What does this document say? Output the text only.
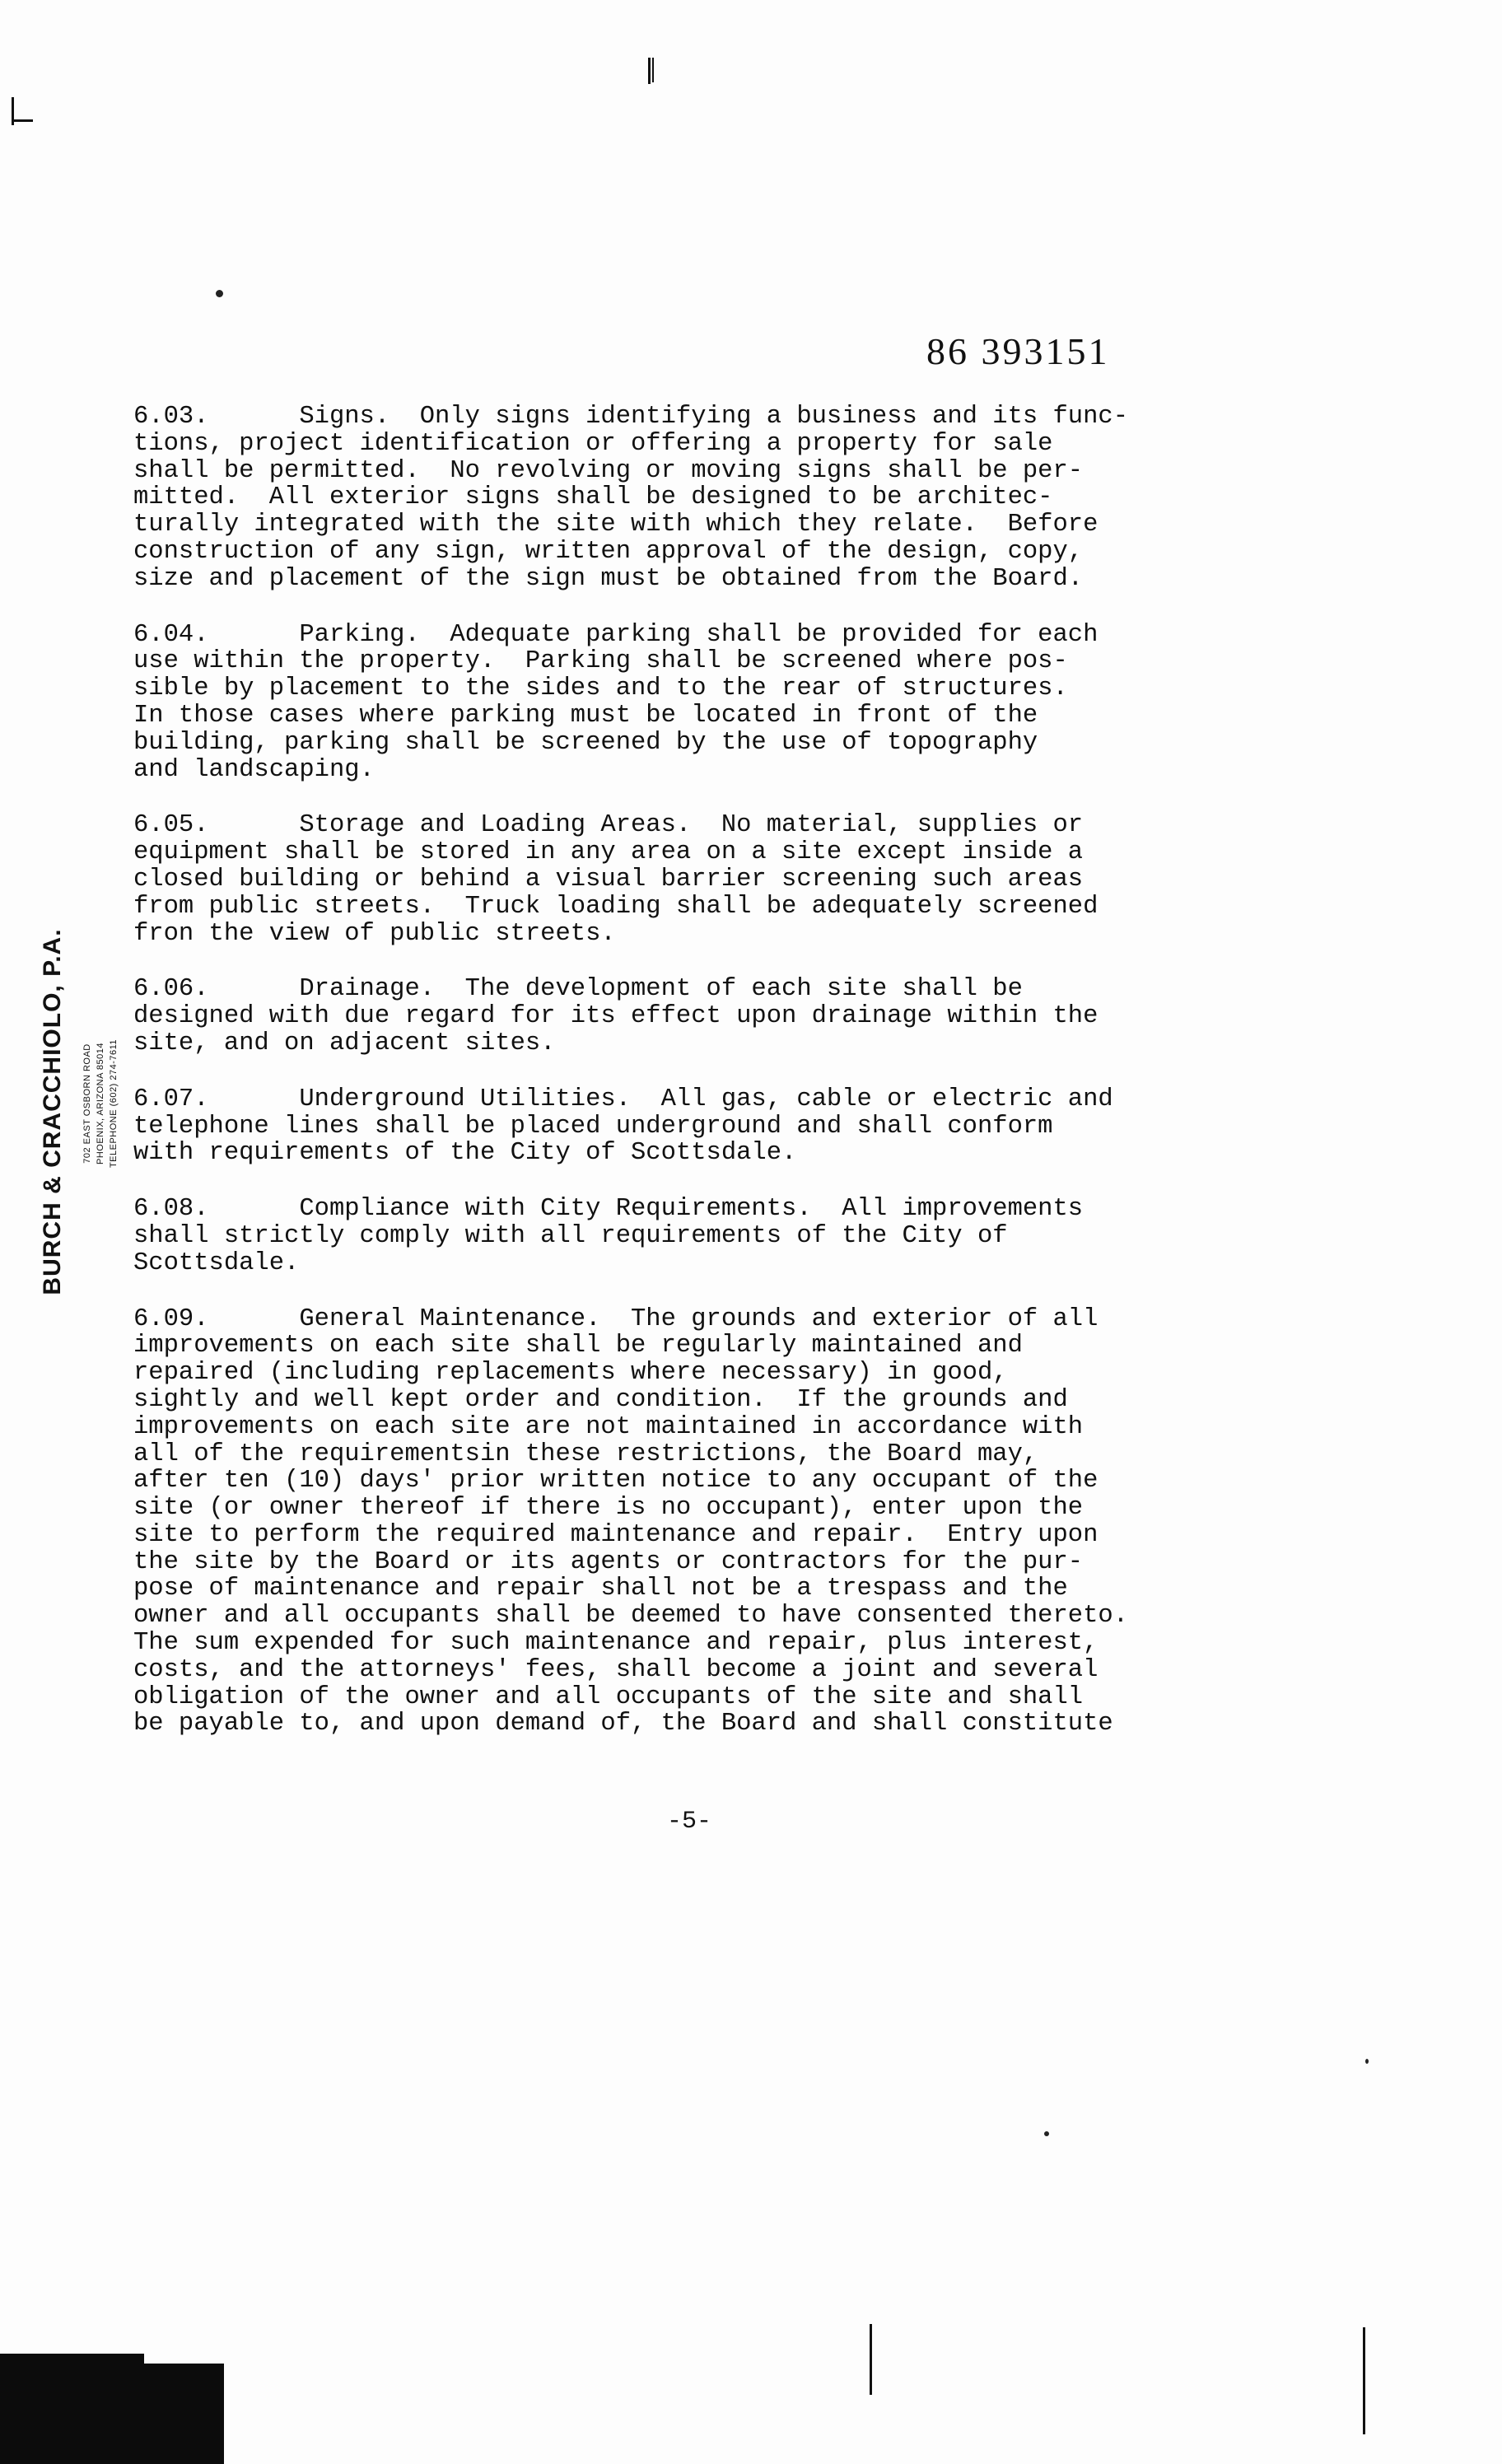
86 393151
BURCH & CRACCHIOLO, P.A. 702 EAST OSBORN ROAD PHOENIX, ARIZONA 85014 TELEPHONE (602) 274-7611
6.03.      Signs.  Only signs identifying a business and its func-
tions, project identification or offering a property for sale
shall be permitted.  No revolving or moving signs shall be per-
mitted.  All exterior signs shall be designed to be architec-
turally integrated with the site with which they relate.  Before
construction of any sign, written approval of the design, copy,
size and placement of the sign must be obtained from the Board.
6.04.      Parking.  Adequate parking shall be provided for each
use within the property.  Parking shall be screened where pos-
sible by placement to the sides and to the rear of structures.
In those cases where parking must be located in front of the
building, parking shall be screened by the use of topography
and landscaping.
6.05.      Storage and Loading Areas.  No material, supplies or
equipment shall be stored in any area on a site except inside a
closed building or behind a visual barrier screening such areas
from public streets.  Truck loading shall be adequately screened
fron the view of public streets.
6.06.      Drainage.  The development of each site shall be
designed with due regard for its effect upon drainage within the
site, and on adjacent sites.
6.07.      Underground Utilities.  All gas, cable or electric and
telephone lines shall be placed underground and shall conform
with requirements of the City of Scottsdale.
6.08.      Compliance with City Requirements.  All improvements
shall strictly comply with all requirements of the City of
Scottsdale.
6.09.      General Maintenance.  The grounds and exterior of all
improvements on each site shall be regularly maintained and
repaired (including replacements where necessary) in good,
sightly and well kept order and condition.  If the grounds and
improvements on each site are not maintained in accordance with
all of the requirementsin these restrictions, the Board may,
after ten (10) days' prior written notice to any occupant of the
site (or owner thereof if there is no occupant), enter upon the
site to perform the required maintenance and repair.  Entry upon
the site by the Board or its agents or contractors for the pur-
pose of maintenance and repair shall not be a trespass and the
owner and all occupants shall be deemed to have consented thereto.
The sum expended for such maintenance and repair, plus interest,
costs, and the attorneys' fees, shall become a joint and several
obligation of the owner and all occupants of the site and shall
be payable to, and upon demand of, the Board and shall constitute
-5-
